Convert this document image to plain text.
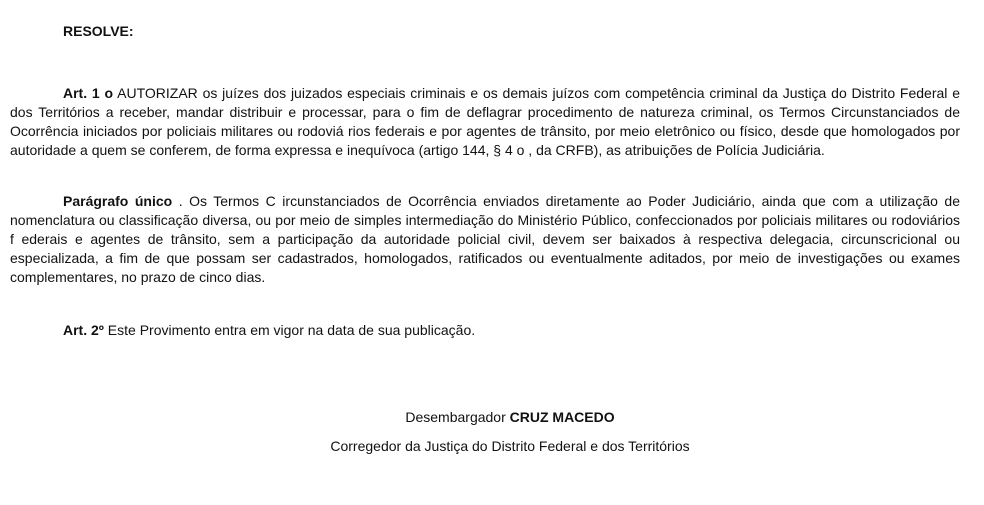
RESOLVE:

Art. 1 o AUTORIZAR os juízes dos juizados especiais criminais e os demais juízos com competência criminal da Justiça do Distrito Federal e dos Territórios a receber, mandar distribuir e processar, para o fim de deflagrar procedimento de natureza criminal, os Termos Circunstanciados de Ocorrência iniciados por policiais militares ou rodoviá rios federais e por agentes de trânsito, por meio eletrônico ou físico, desde que homologados por autoridade a quem se conferem, de forma expressa e inequívoca (artigo 144, § 4 o , da CRFB), as atribuições de Polícia Judiciária.

Parágrafo único . Os Termos C ircunstanciados de Ocorrência enviados diretamente ao Poder Judiciário, ainda que com a utilização de nomenclatura ou classificação diversa, ou por meio de simples intermediação do Ministério Público, confeccionados por policiais militares ou rodoviários f ederais e agentes de trânsito, sem a participação da autoridade policial civil, devem ser baixados à respectiva delegacia, circunscricional ou especializada, a fim de que possam ser cadastrados, homologados, ratificados ou eventualmente aditados, por meio de investigações ou exames complementares, no prazo de cinco dias.

Art. 2º Este Provimento entra em vigor na data de sua publicação.

Desembargador CRUZ MACEDO

Corregedor da Justiça do Distrito Federal e dos Territórios
